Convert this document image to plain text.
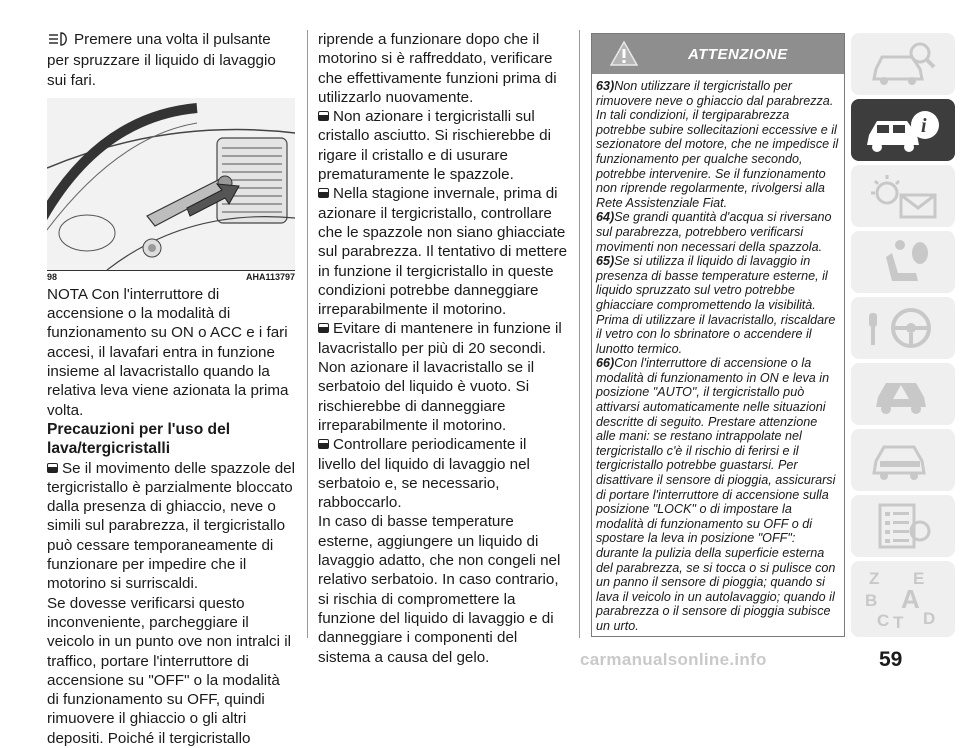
Premere una volta il pulsante per spruzzare il liquido di lavaggio sui fari.

98	AHA113797

NOTA Con l'interruttore di accensione o la modalità di funzionamento su ON o ACC e i fari accesi, il lavafari entra in funzione insieme al lavacristallo quando la relativa leva viene azionata la prima volta.

Precauzioni per l'uso del lava/tergicristalli

Se il movimento delle spazzole del tergicristallo è parzialmente bloccato dalla presenza di ghiaccio, neve o simili sul parabrezza, il tergicristallo può cessare temporaneamente di funzionare per impedire che il motorino si surriscaldi.

Se dovesse verificarsi questo inconveniente, parcheggiare il veicolo in un punto ove non intralci il traffico, portare l'interruttore di accensione su "OFF" o la modalità di funzionamento su OFF, quindi rimuovere il ghiaccio o gli altri depositi. Poiché il tergicristallo

riprende a funzionare dopo che il motorino si è raffreddato, verificare che effettivamente funzioni prima di utilizzarlo nuovamente.

Non azionare i tergicristalli sul cristallo asciutto. Si rischierebbe di rigare il cristallo e di usurare prematuramente le spazzole.

Nella stagione invernale, prima di azionare il tergicristallo, controllare che le spazzole non siano ghiacciate sul parabrezza. Il tentativo di mettere in funzione il tergicristallo in queste condizioni potrebbe danneggiare irreparabilmente il motorino.

Evitare di mantenere in funzione il lavacristallo per più di 20 secondi. Non azionare il lavacristallo se il serbatoio del liquido è vuoto. Si rischierebbe di danneggiare irreparabilmente il motorino.

Controllare periodicamente il livello del liquido di lavaggio nel serbatoio e, se necessario, rabboccarlo.

In caso di basse temperature esterne, aggiungere un liquido di lavaggio adatto, che non congeli nel relativo serbatoio. In caso contrario, si rischia di compromettere la funzione del liquido di lavaggio e di danneggiare i componenti del sistema a causa del gelo.

ATTENZIONE

63)Non utilizzare il tergicristallo per rimuovere neve o ghiaccio dal parabrezza. In tali condizioni, il tergiparabrezza potrebbe subire sollecitazioni eccessive e il sezionatore del motore, che ne impedisce il funzionamento per qualche secondo, potrebbe intervenire. Se il funzionamento non riprende regolarmente, rivolgersi alla Rete Assistenziale Fiat.

64)Se grandi quantità d'acqua si riversano sul parabrezza, potrebbero verificarsi movimenti non necessari della spazzola.

65)Se si utilizza il liquido di lavaggio in presenza di basse temperature esterne, il liquido spruzzato sul vetro potrebbe ghiacciare compromettendo la visibilità. Prima di utilizzare il lavacristallo, riscaldare il vetro con lo sbrinatore o accendere il lunotto termico.

66)Con l'interruttore di accensione o la modalità di funzionamento in ON e leva in posizione "AUTO", il tergicristallo può attivarsi automaticamente nelle situazioni descritte di seguito. Prestare attenzione alle mani: se restano intrappolate nel tergicristallo c'è il rischio di ferirsi e il tergicristallo potrebbe guastarsi. Per disattivare il sensore di pioggia, assicurarsi di portare l'interruttore di accensione sulla posizione "LOCK" o di impostare la modalità di funzionamento su OFF o di spostare la leva in posizione "OFF": durante la pulizia della superficie esterna del parabrezza, se si tocca o si pulisce con un panno il sensore di pioggia; quando si lava il veicolo in un autolavaggio; quando il parabrezza o il sensore di pioggia subisce un urto.

i
Z E
B A
C T D
carmanualsonline.info	59
